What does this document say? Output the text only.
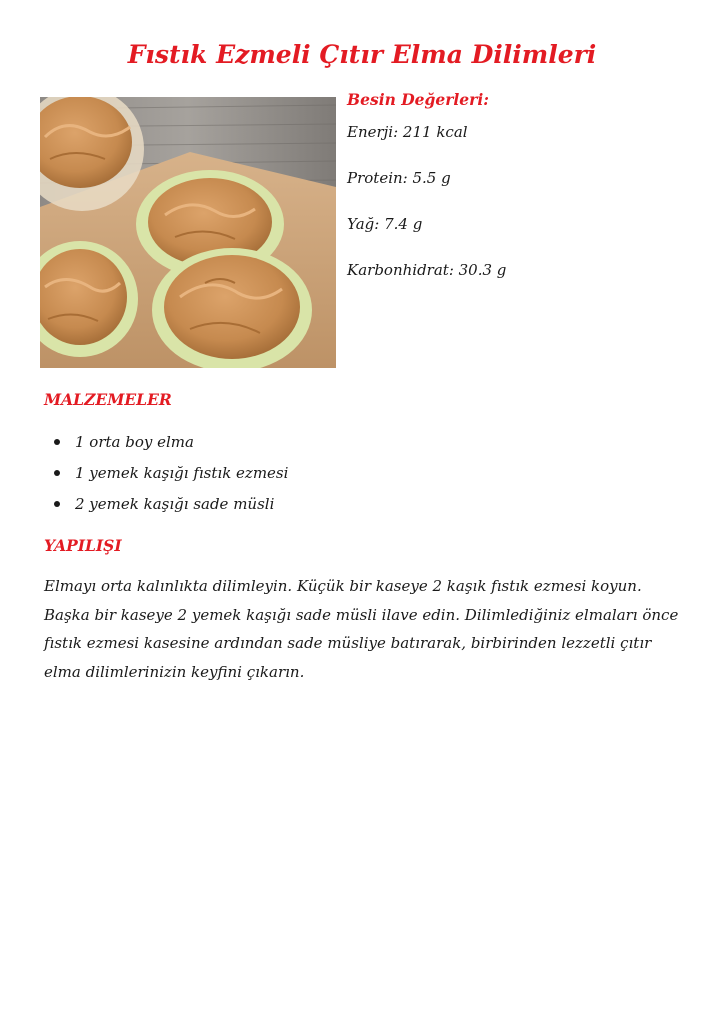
Fıstık Ezmeli Çıtır Elma Dilimleri
Besin Değerleri:

Enerji: 211 kcal

Protein: 5.5 g

Yağ: 7.4 g

Karbonhidrat: 30.3 g

MALZEMELER
1 orta boy elma
1 yemek kaşığı fıstık ezmesi
2 yemek kaşığı sade müsli
YAPILIŞI

Elmayı orta kalınlıkta dilimleyin. Küçük bir kaseye 2 kaşık fıstık ezmesi koyun. Başka bir kaseye 2 yemek kaşığı sade müsli ilave edin. Dilimlediğiniz elmaları önce fıstık ezmesi kasesine ardından sade müsliye batırarak, birbirinden lezzetli çıtır elma dilimlerinizin keyfini çıkarın.
